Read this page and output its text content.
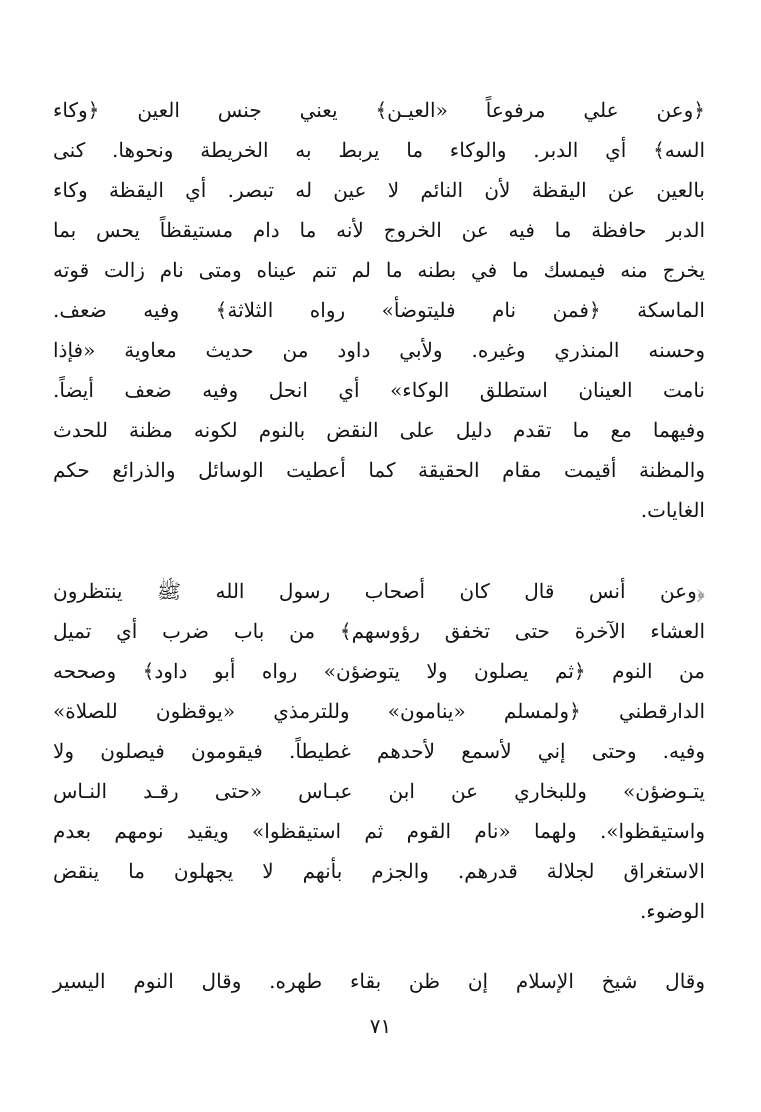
﴿وعن علي مرفوعاً «العيـن﴾ يعني جنس العين ﴿وكاء
السه﴾ أي الدبر. والوكاء ما يربط به الخريطة ونحوها. كنى
بالعين عن اليقظة لأن النائم لا عين له تبصر. أي اليقظة وكاء
الدبر حافظة ما فيه عن الخروج لأنه ما دام مستيقظاً يحس بما
يخرج منه فيمسك ما في بطنه ما لم تنم عيناه ومتى نام زالت قوته
الماسكة ﴿فمن نام فليتوضأ» رواه الثلاثة﴾ وفيه ضعف.
وحسنه المنذري وغيره. ولأبي داود من حديث معاوية «فإذا
نامت العينان استطلق الوكاء» أي انحل وفيه ضعف أيضاً.
وفيهما مع ما تقدم دليل على النقض بالنوم لكونه مظنة للحدث
والمظنة أقيمت مقام الحقيقة كما أعطيت الوسائل والذرائع حكم
الغايات.
﴿وعن أنس قال كان أصحاب رسول الله ﷺ ينتظرون
العشاء الآخرة حتى تخفق رؤوسهم﴾ من باب ضرب أي تميل
من النوم ﴿ثم يصلون ولا يتوضؤن» رواه أبو داود﴾ وصححه
الدارقطني ﴿ولمسلم «ينامون» وللترمذي «يوقظون للصلاة»
وفيه. وحتى إني لأسمع لأحدهم غطيطاً. فيقومون فيصلون ولا
يتـوضؤن» وللبخاري عن ابن عبـاس «حتى رقـد النـاس
واستيقظوا». ولهما «نام القوم ثم استيقظوا» ويقيد نومهم بعدم
الاستغراق لجلالة قدرهم. والجزم بأنهم لا يجهلون ما ينقض
الوضوء.
وقال شيخ الإسلام إن ظن بقاء طهره. وقال النوم اليسير
٧١
